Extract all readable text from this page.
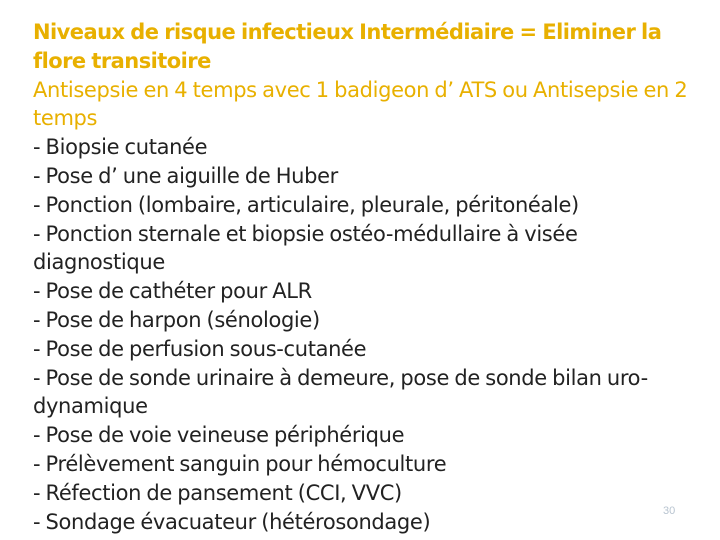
Niveaux de risque infectieux Intermédiaire = Eliminer la flore transitoire

Antisepsie en 4 temps avec 1 badigeon d’ ATS ou Antisepsie en 2 temps

- Biopsie cutanée
- Pose d’ une aiguille de Huber
- Ponction (lombaire, articulaire, pleurale, péritonéale)
- Ponction sternale et biopsie ostéo-médullaire à visée diagnostique
- Pose de cathéter pour ALR
- Pose de harpon (sénologie)
- Pose de perfusion sous-cutanée
- Pose de sonde urinaire à demeure, pose de sonde bilan uro-dynamique
- Pose de voie veineuse périphérique
- Prélèvement sanguin pour hémoculture
- Réfection de pansement (CCI, VVC)
- Sondage évacuateur (hétérosondage)	30
